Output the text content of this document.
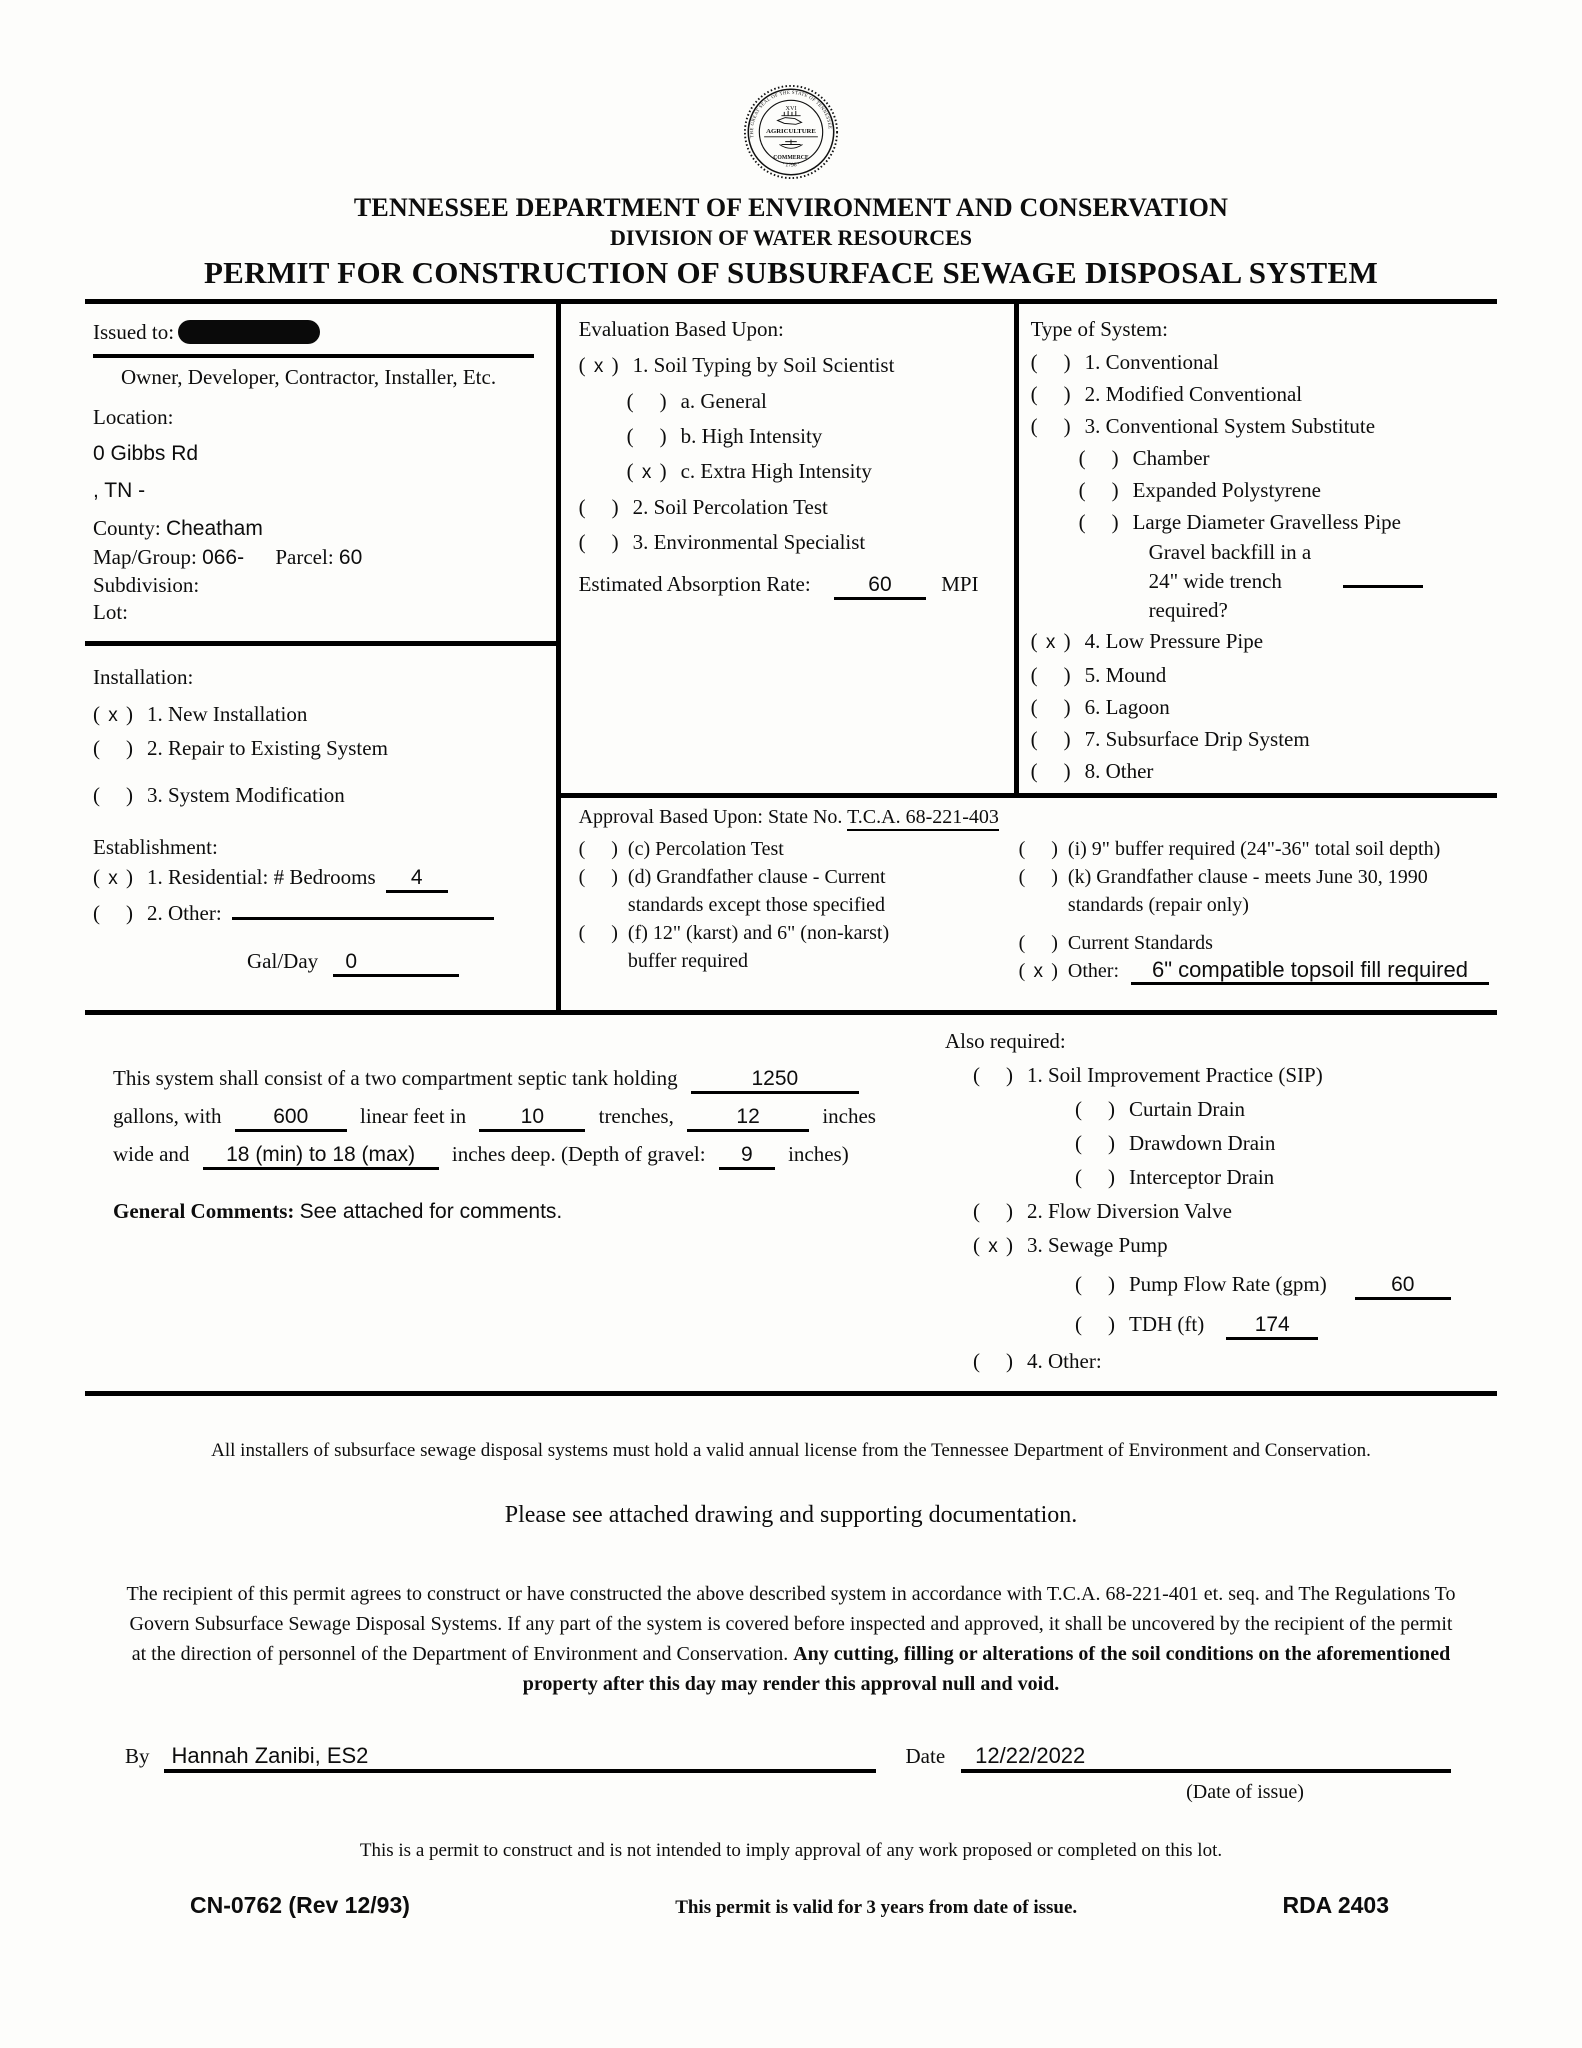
THE GREAT SEAL OF THE STATE OF TENNESSEE
· 1796 ·
XVI
AGRICULTURE
COMMERCE
TENNESSEE DEPARTMENT OF ENVIRONMENT AND CONSERVATION
DIVISION OF WATER RESOURCES
PERMIT FOR CONSTRUCTION OF SUBSURFACE SEWAGE DISPOSAL SYSTEM
Issued to:
Owner, Developer, Contractor, Installer, Etc.
Location:
0 Gibbs Rd
, TN -
County: Cheatham
Map/Group: 066- Parcel: 60
Subdivision:
Lot:
Installation:
( x )	1. New Installation
(  )
2. Repair to Existing System
(  )
3. System Modification
Establishment:
( x )	1. Residential: # Bedrooms	4
(  )
2. Other:
Gal/Day 0
Evaluation Based Upon:
( x )	1. Soil Typing by Soil Scientist
(  )
a. General
(  )
b. High Intensity
( x )	c. Extra High Intensity
(  )
2. Soil Percolation Test
(  )
3. Environmental Specialist
Estimated Absorption Rate:	60 MPI
Type of System:
(  )
1. Conventional
(  )
2. Modified Conventional
(  )
3. Conventional System Substitute
(  )
Chamber
(  )
Expanded Polystyrene
(  )
Large Diameter Gravelless Pipe
Gravel backfill in a
24" wide trench
required?
( x )	4. Low Pressure Pipe
(  )
5. Mound
(  )
6. Lagoon
(  )
7. Subsurface Drip System
(  )
8. Other
Approval Based Upon: State No. T.C.A. 68-221-403
(  )
(c) Percolation Test
(  )
(d) Grandfather clause - Current standards except those specified
(  )
(f) 12" (karst) and 6" (non-karst) buffer required
(  )
(i) 9" buffer required (24"-36" total soil depth)
(  )
(k) Grandfather clause - meets June 30, 1990 standards (repair only)
(  )
Current Standards
( x )	Other:	6" compatible topsoil fill required
This system shall consist of a two compartment septic tank holding	1250
gallons, with 600 linear feet in	10	trenches,	12	inches
wide and 18 (min) to 18 (max) inches deep. (Depth of gravel: 9 inches)
General Comments: See attached for comments.
Also required:
(  )
1. Soil Improvement Practice (SIP)
(  )
Curtain Drain
(  )
Drawdown Drain
(  )
Interceptor Drain
(  )
2. Flow Diversion Valve
( x )	3. Sewage Pump
(  )
Pump Flow Rate (gpm)	60
(  )
TDH (ft)	174
(  )
4. Other:
All installers of subsurface sewage disposal systems must hold a valid annual license from the Tennessee Department of Environment and Conservation.
Please see attached drawing and supporting documentation.
The recipient of this permit agrees to construct or have constructed the above described system in accordance with T.C.A. 68-221-401 et. seq. and The Regulations To Govern Subsurface Sewage Disposal Systems. If any part of the system is covered before inspected and approved, it shall be uncovered by the recipient of the permit at the direction of personnel of the Department of Environment and Conservation. Any cutting, filling or alterations of the soil conditions on the aforementioned property after this day may render this approval null and void.
By	Hannah Zanibi, ES2	Date	12/22/2022
(Date of issue)
This is a permit to construct and is not intended to imply approval of any work proposed or completed on this lot.
CN-0762 (Rev 12/93)	This permit is valid for 3 years from date of issue.	RDA 2403
